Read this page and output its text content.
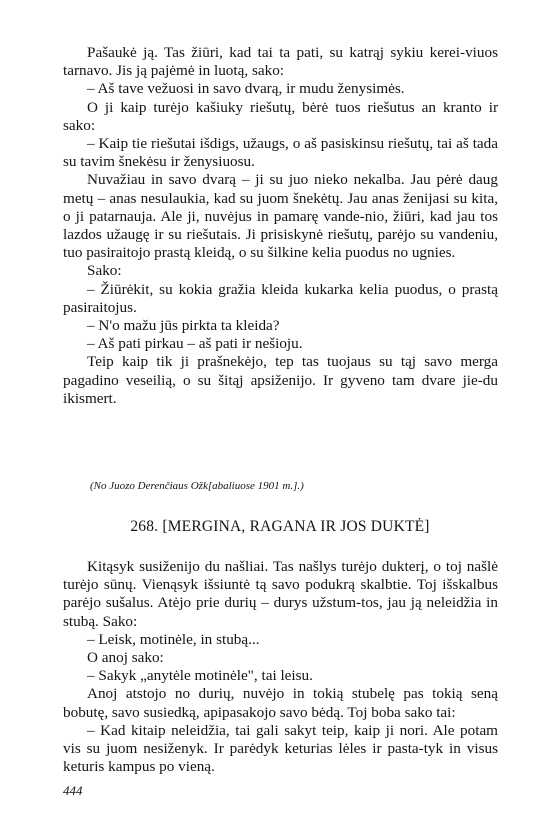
Pašaukė ją. Tas žiūri, kad tai ta pati, su katrąj sykiu kerei-viuos tarnavo. Jis ją pajėmė in luotą, sako:

– Aš tave vežuosi in savo dvarą, ir mudu ženysimės.

O ji kaip turėjo kašiuky riešutų, bėrė tuos riešutus an kranto ir sako:

– Kaip tie riešutai išdigs, užaugs, o aš pasiskinsu riešutų, tai aš tada su tavim šnekėsu ir ženysiuosu.

Nuvažiau in savo dvarą – ji su juo nieko nekalba. Jau pėrė daug metų – anas nesulaukia, kad su juom šnekėtų. Jau anas ženijasi su kita, o ji patarnauja. Ale ji, nuvėjus in pamarę vande-nio, žiūri, kad jau tos lazdos užaugę ir su riešutais. Ji prisiskynė riešutų, parėjo su vandeniu, tuo pasiraitojo prastą kleidą, o su šilkine kelia puodus no ugnies.

Sako:

– Žiūrėkit, su kokia gražia kleida kukarka kelia puodus, o prastą pasiraitojus.

– N'o mažu jūs pirkta ta kleida?

– Aš pati pirkau – aš pati ir nešioju.

Teip kaip tik ji prašnekėjo, tep tas tuojaus su tąj savo merga pagadino veseilią, o su šitąj apsiženijo. Ir gyveno tam dvare jie-du ikismert.

(No Juozo Derenčiaus Ožk[abaliuose 1901 m.].)
268. [MERGINA, RAGANA IR JOS DUKTĖ]

Kitąsyk susiženijo du našliai. Tas našlys turėjo dukterį, o toj našlė turėjo sūnų. Vienąsyk išsiuntė tą savo podukrą skalbtie. Toj išskalbus parėjo sušalus. Atėjo prie durių – durys užstum-tos, jau ją neleidžia in stubą. Sako:

– Leisk, motinėle, in stubą...

O anoj sako:

– Sakyk „anytėle motinėle", tai leisu.

Anoj atstojo no durių, nuvėjo in tokią stubelę pas tokią seną bobutę, savo susiedką, apipasakojo savo bėdą. Toj boba sako tai:

– Kad kitaip neleidžia, tai gali sakyt teip, kaip ji nori. Ale potam vis su juom nesiženyk. Ir parėdyk keturias lėles ir pasta-tyk in visus keturis kampus po vieną.

444
